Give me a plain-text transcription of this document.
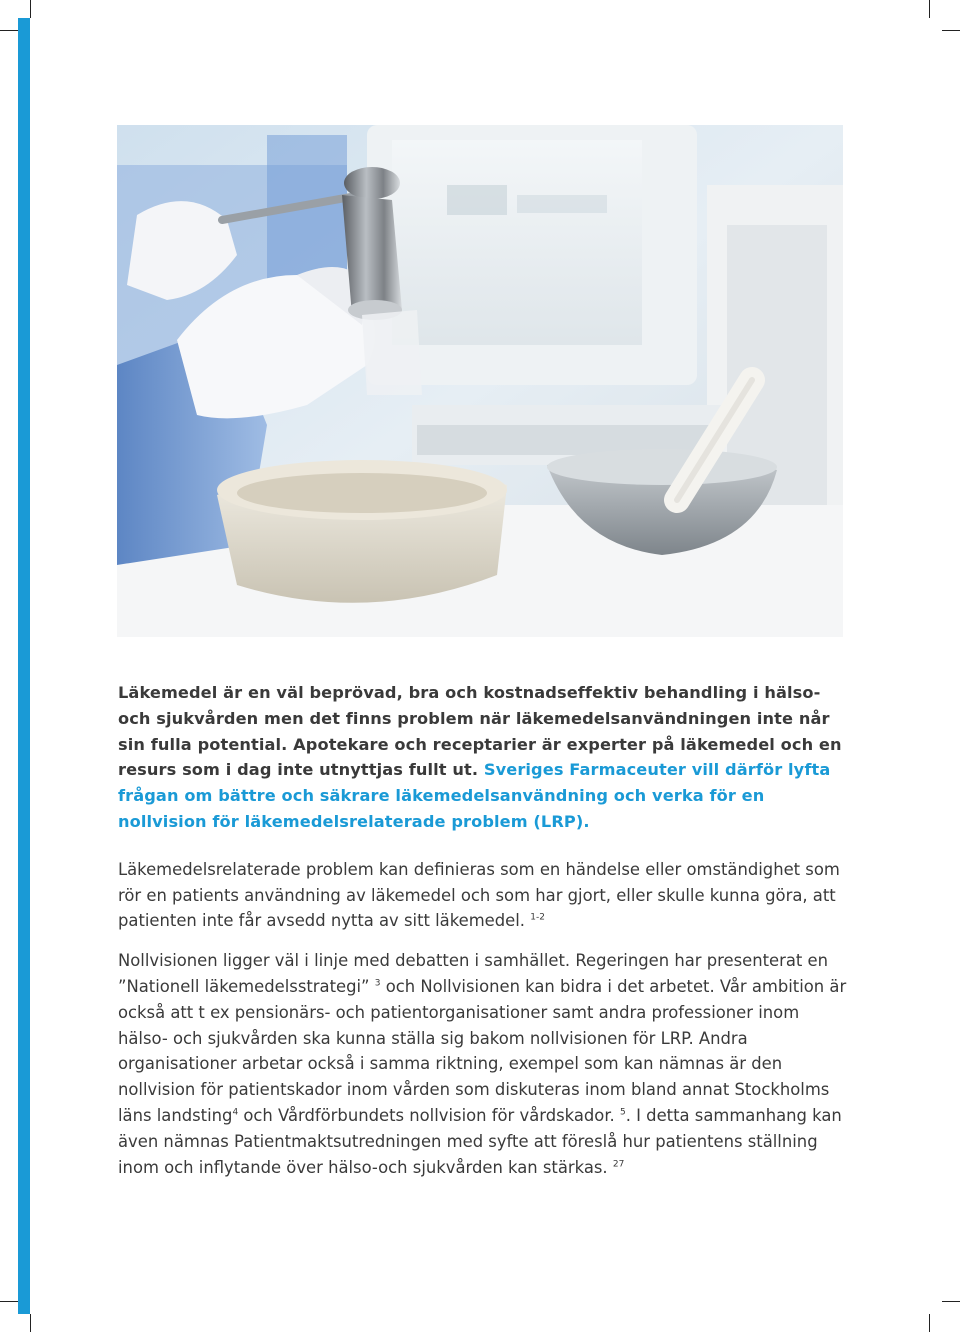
Läkemedel är en väl beprövad, bra och kostnadseffektiv behandling i hälso- och sjukvården men det finns problem när läkemedelsanvändningen inte når sin fulla potential. Apotekare och receptarier är experter på läkemedel och en resurs som i dag inte utnyttjas fullt ut. Sveriges Farmaceuter vill därför lyfta frågan om bättre och säkrare läkemedelsanvändning och verka för en nollvision för läkemedelsrelaterade problem (LRP).

Läkemedelsrelaterade problem kan definieras som en händelse eller omständighet som rör en patients användning av läkemedel och som har gjort, eller skulle kunna göra, att patienten inte får avsedd nytta av sitt läkemedel. $^{1-2}$

Nollvisionen ligger väl i linje med debatten i samhället. Regeringen har presenterat en ”Nationell läkemedelsstrategi” $^3$ och Nollvisionen kan bidra i det arbetet. Vår ambition är också att t ex pensionärs- och patientorganisationer samt andra professioner inom hälso- och sjukvården ska kunna ställa sig bakom nollvisionen för LRP. Andra organisationer arbetar också i samma riktning, exempel som kan nämnas är den nollvision för patientskador inom vården som diskuteras inom bland annat Stockholms läns landsting$^4$ och Vårdförbundets nollvision för vårdskador. $^5$. I detta sammanhang kan även nämnas Patientmaktsutredningen med syfte att föreslå hur patientens ställning inom och inflytande över hälso-och sjukvården kan stärkas. $^{27}$
